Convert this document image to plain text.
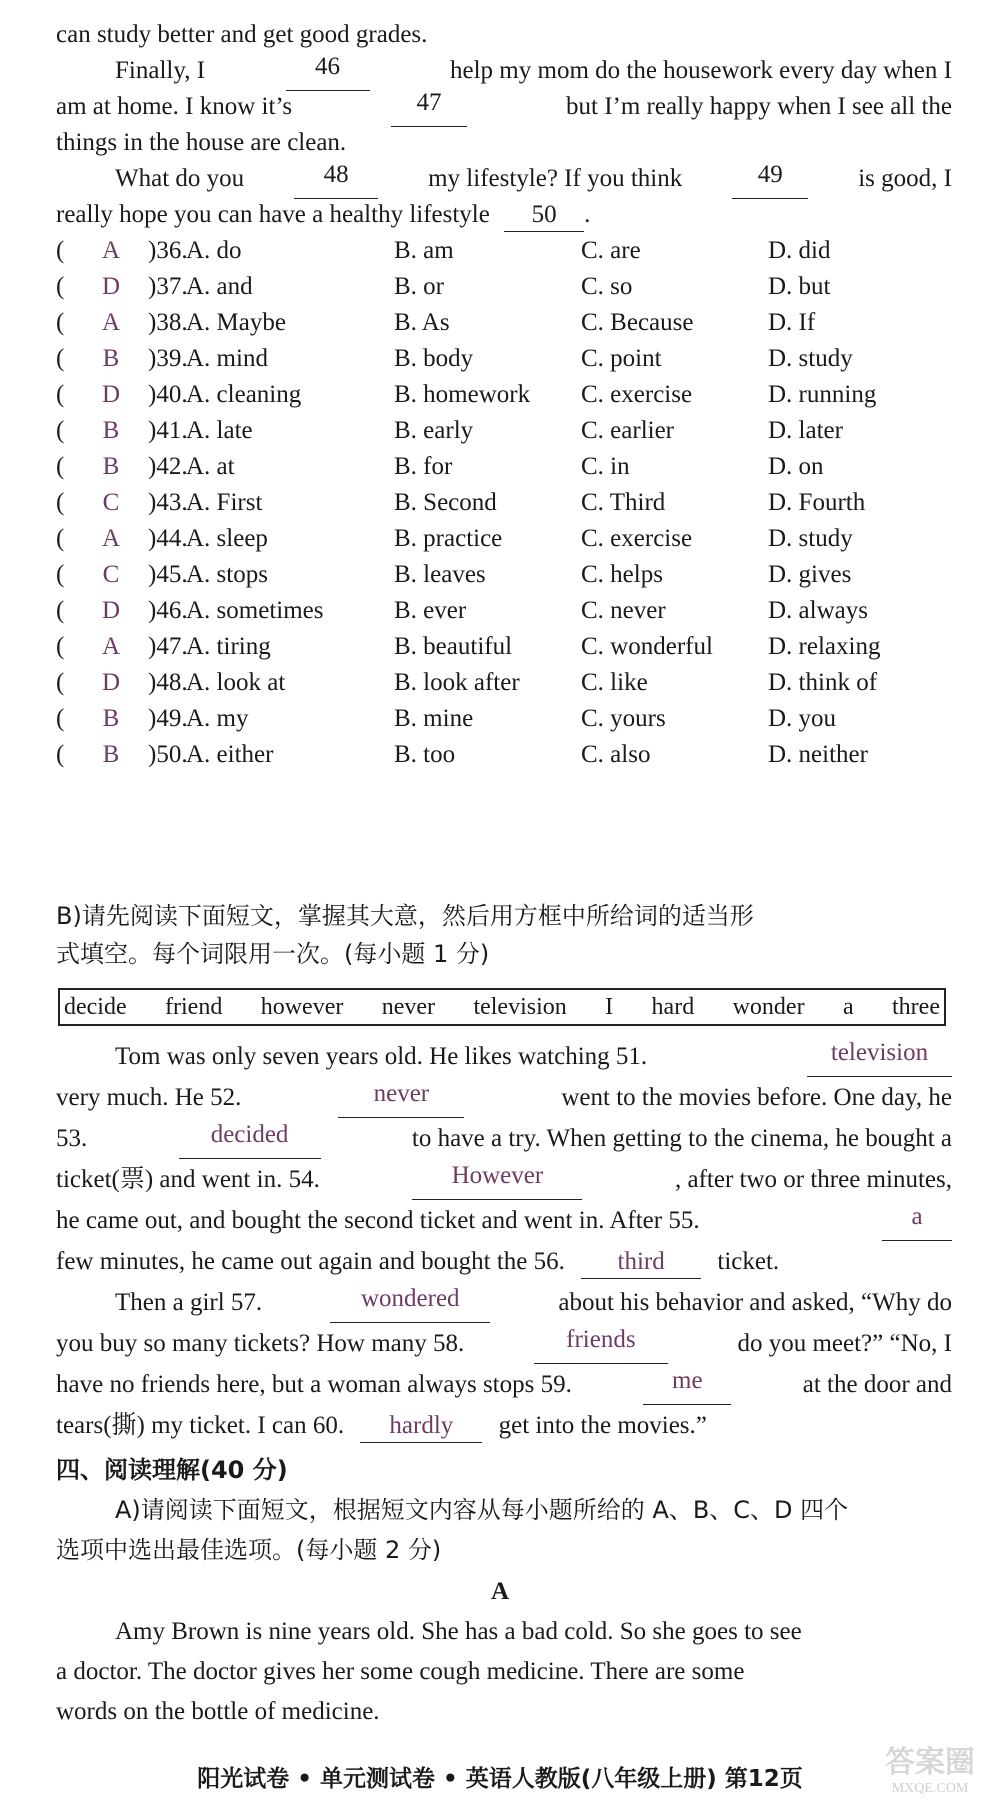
can study better and get good grades.
Finally, I	46	help my mom do the housework every day when I
am at home. I know it’s	47	but I’m really happy when I see all the
things in the house are clean.
What do you	48	my lifestyle? If you think	49	is good, I
really hope you can have a healthy lifestyle 50 .
( A )36.
A. do	B. am	C. are	D. did
( D )37.
A. and	B. or	C. so	D. but
( A )38.
A. Maybe	B. As	C. Because	D. If
( B )39.
A. mind	B. body	C. point	D. study
( D )40.
A. cleaning	B. homework C. exercise	D. running
( B )41.
A. late	B. early	C. earlier	D. later
( B )42.
A. at	B. for	C. in	D. on
( C )43.
A. First	B. Second	C. Third	D. Fourth
( A )44.
A. sleep	B. practice	C. exercise	D. study
( C )45.
A. stops	B. leaves	C. helps	D. gives
( D )46.
A. sometimes	B. ever	C. never	D. always
( A )47.
A. tiring	B. beautiful	C. wonderful D. relaxing
( D )48.
A. look at	B. look after C. like	D. think of
( B )49.
A. my	B. mine	C. yours	D. you
( B )50.
A. either	B. too	C. also	D. neither
B)请先阅读下面短文，掌握其大意，然后用方框中所给词的适当形
式填空。每个词限用一次。(每小题 1 分)
decide friend however never television I hard wonder a three
Tom was only seven years old. He likes watching 51.	television
very much. He 52.	never	went to the movies before. One day, he
53.	decided	to have a try. When getting to the cinema, he bought a
ticket(票) and went in. 54.	However	, after two or three minutes,
he came out, and bought the second ticket and went in. After 55.	a
few minutes, he came out again and bought the 56. third ticket.
Then a girl 57.	wondered	about his behavior and asked, “Why do
you buy so many tickets? How many 58.	friends	do you meet?” “No, I
have no friends here, but a woman always stops 59.	me	at the door and
tears(撕) my ticket. I can 60. hardly get into the movies.”
四、阅读理解(40 分)
A)请阅读下面短文，根据短文内容从每小题所给的 A、B、C、D 四个
选项中选出最佳选项。(每小题 2 分)
A
Amy Brown is nine years old. She has a bad cold. So she goes to see
a doctor. The doctor gives her some cough medicine. There are some
words on the bottle of medicine.
阳光试卷 • 单元测试卷 • 英语人教版(八年级上册) 第12页	答案圈
MXQE.COM
